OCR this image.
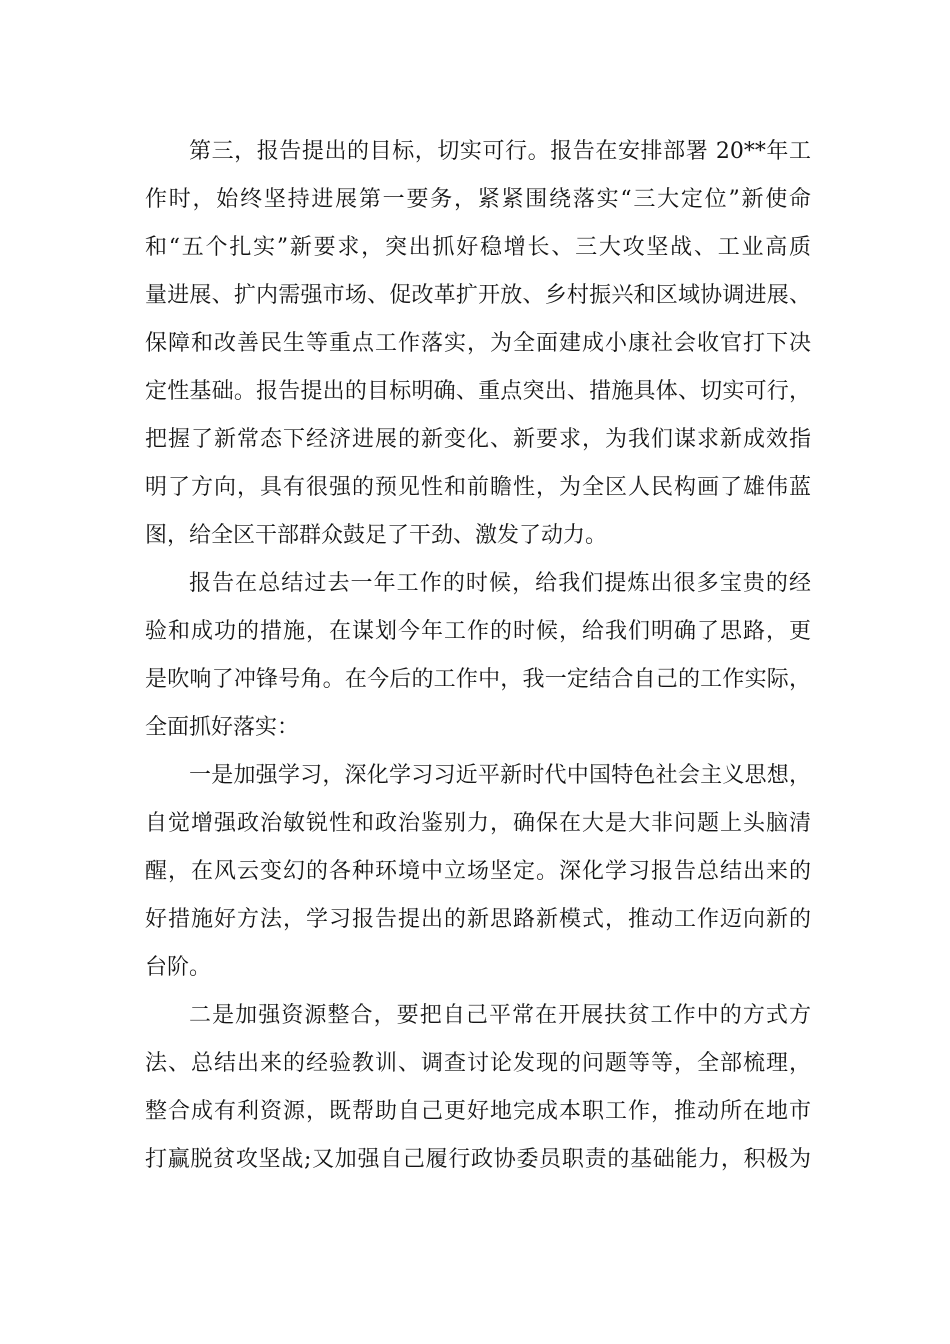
第三，报告提出的目标，切实可行。报告在安排部署 20**年工
作时，始终坚持进展第一要务，紧紧围绕落实“三大定位”新使命
和“五个扎实”新要求，突出抓好稳增长、三大攻坚战、工业高质
量进展、扩内需强市场、促改革扩开放、乡村振兴和区域协调进展、
保障和改善民生等重点工作落实，为全面建成小康社会收官打下决
定性基础。报告提出的目标明确、重点突出、措施具体、切实可行，
把握了新常态下经济进展的新变化、新要求，为我们谋求新成效指
明了方向，具有很强的预见性和前瞻性，为全区人民构画了雄伟蓝
图，给全区干部群众鼓足了干劲、激发了动力。
报告在总结过去一年工作的时候，给我们提炼出很多宝贵的经
验和成功的措施，在谋划今年工作的时候，给我们明确了思路，更
是吹响了冲锋号角。在今后的工作中，我一定结合自己的工作实际，
全面抓好落实：
一是加强学习，深化学习习近平新时代中国特色社会主义思想，
自觉增强政治敏锐性和政治鉴别力，确保在大是大非问题上头脑清
醒，在风云变幻的各种环境中立场坚定。深化学习报告总结出来的
好措施好方法，学习报告提出的新思路新模式，推动工作迈向新的
台阶。
二是加强资源整合，要把自己平常在开展扶贫工作中的方式方
法、总结出来的经验教训、调查讨论发现的问题等等，全部梳理，
整合成有利资源，既帮助自己更好地完成本职工作，推动所在地市
打赢脱贫攻坚战;又加强自己履行政协委员职责的基础能力，积极为
